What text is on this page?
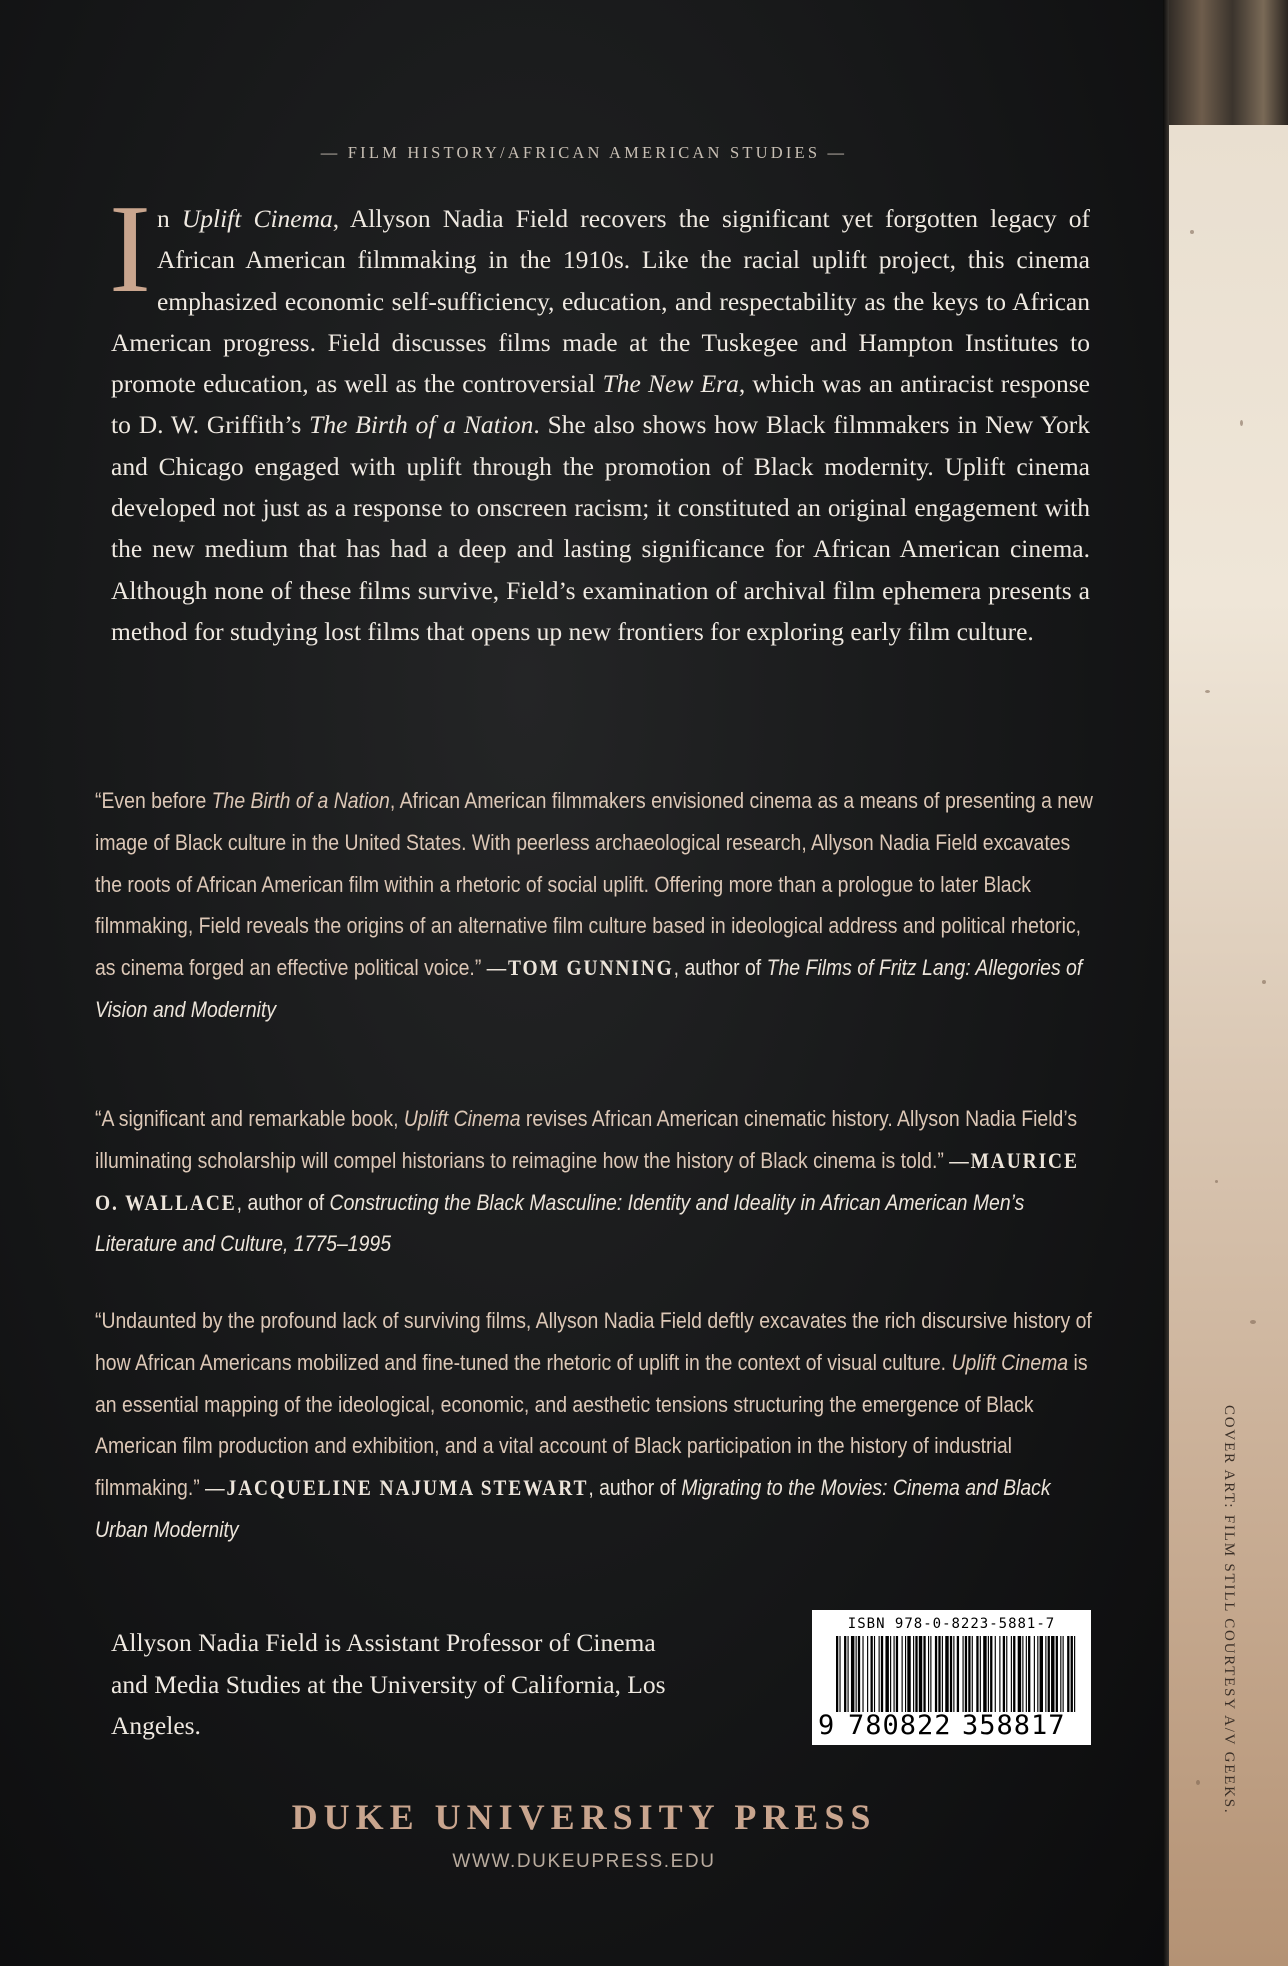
COVER ART: FILM STILL COURTESY A/V GEEKS.
— FILM HISTORY/AFRICAN AMERICAN STUDIES —
In Uplift Cinema, Allyson Nadia Field recovers the significant yet forgotten legacy of African American filmmaking in the 1910s. Like the racial uplift project, this cinema emphasized economic self-sufficiency, education, and respectability as the keys to African American progress. Field discusses films made at the Tuskegee and Hampton Institutes to promote education, as well as the controversial The New Era, which was an antiracist response to D. W. Griffith’s The Birth of a Nation. She also shows how Black filmmakers in New York and Chicago engaged with uplift through the promotion of Black modernity. Uplift cinema developed not just as a response to onscreen racism; it constituted an original engagement with the new medium that has had a deep and lasting significance for African American cinema. Although none of these films survive, Field’s examination of archival film ephemera presents a method for studying lost films that opens up new frontiers for exploring early film culture.
“Even before The Birth of a Nation, African American filmmakers envisioned cinema as a means of presenting a new image of Black culture in the United States. With peerless archaeological research, Allyson Nadia Field excavates the roots of African American film within a rhetoric of social uplift. Offering more than a prologue to later Black filmmaking, Field reveals the origins of an alternative film culture based in ideological address and political rhetoric, as cinema forged an effective political voice.” —TOM GUNNING, author of The Films of Fritz Lang: Allegories of Vision and Modernity
“A significant and remarkable book, Uplift Cinema revises African American cinematic history. Allyson Nadia Field’s illuminating scholarship will compel historians to reimagine how the history of Black cinema is told.” —MAURICE O. WALLACE, author of Constructing the Black Masculine: Identity and Ideality in African American Men’s Literature and Culture, 1775–1995
“Undaunted by the profound lack of surviving films, Allyson Nadia Field deftly excavates the rich discursive history of how African Americans mobilized and fine-tuned the rhetoric of uplift in the context of visual culture. Uplift Cinema is an essential mapping of the ideological, economic, and aesthetic tensions structuring the emergence of Black American film production and exhibition, and a vital account of Black participation in the history of industrial filmmaking.” —JACQUELINE NAJUMA STEWART, author of Migrating to the Movies: Cinema and Black Urban Modernity
Allyson Nadia Field is Assistant Professor of Cinema and Media Studies at the University of California, Los Angeles.
ISBN 978-0-8223-5881-7
9 780822 358817
DUKE UNIVERSITY PRESS
WWW.DUKEUPRESS.EDU
